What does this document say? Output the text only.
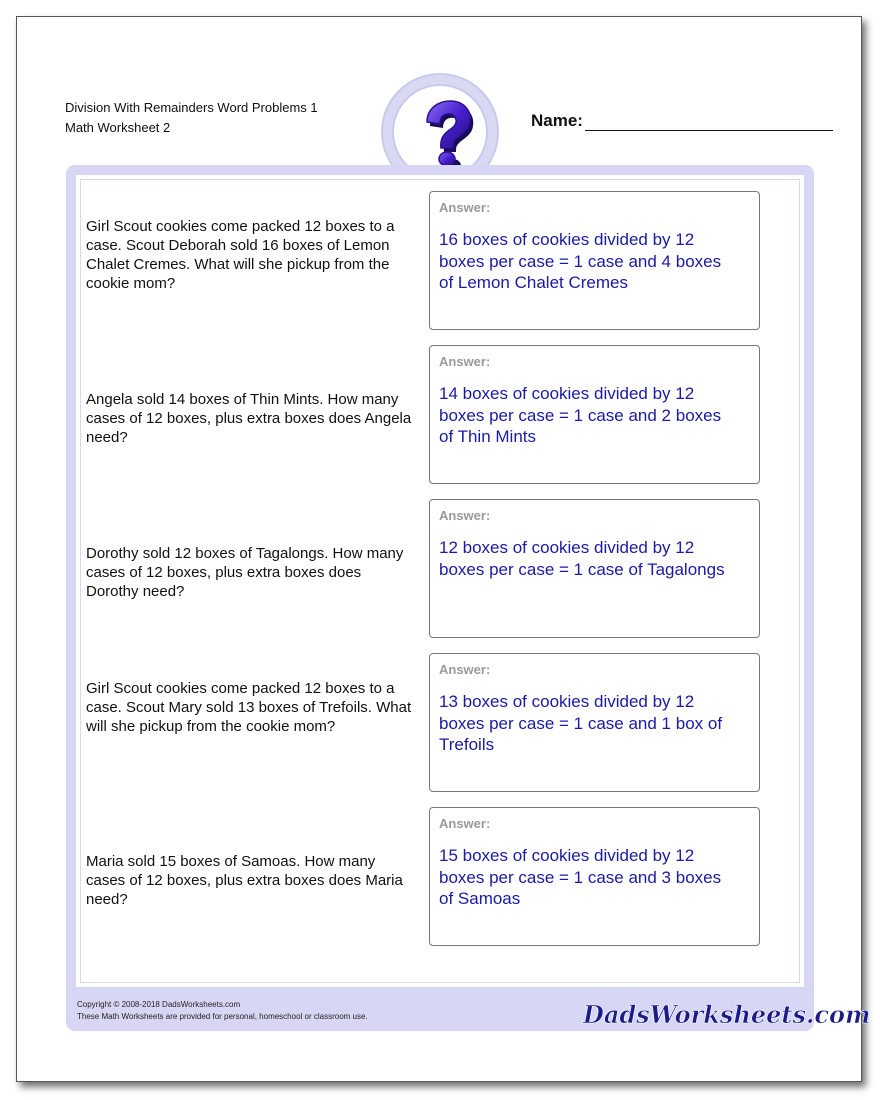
Division With Remainders Word Problems 1
Math Worksheet 2	Name:
Girl Scout cookies come packed 12 boxes to a case. Scout Deborah sold 16 boxes of Lemon Chalet Cremes. What will she pickup from the cookie mom?
Answer:
16 boxes of cookies divided by 12 boxes per case = 1 case and 4 boxes of Lemon Chalet Cremes
Angela sold 14 boxes of Thin Mints. How many cases of 12 boxes, plus extra boxes does Angela need?
Answer:
14 boxes of cookies divided by 12 boxes per case = 1 case and 2 boxes of Thin Mints
Dorothy sold 12 boxes of Tagalongs. How many cases of 12 boxes, plus extra boxes does Dorothy need?
Answer:
12 boxes of cookies divided by 12 boxes per case = 1 case of Tagalongs
Girl Scout cookies come packed 12 boxes to a case. Scout Mary sold 13 boxes of Trefoils. What will she pickup from the cookie mom?
Answer:
13 boxes of cookies divided by 12 boxes per case = 1 case and 1 box of Trefoils
Maria sold 15 boxes of Samoas. How many cases of 12 boxes, plus extra boxes does Maria need?
Answer:
15 boxes of cookies divided by 12 boxes per case = 1 case and 3 boxes of Samoas
Copyright © 2008-2018 DadsWorksheets.com
These Math Worksheets are provided for personal, homeschool or classroom use.	DadsWorksheets.com
